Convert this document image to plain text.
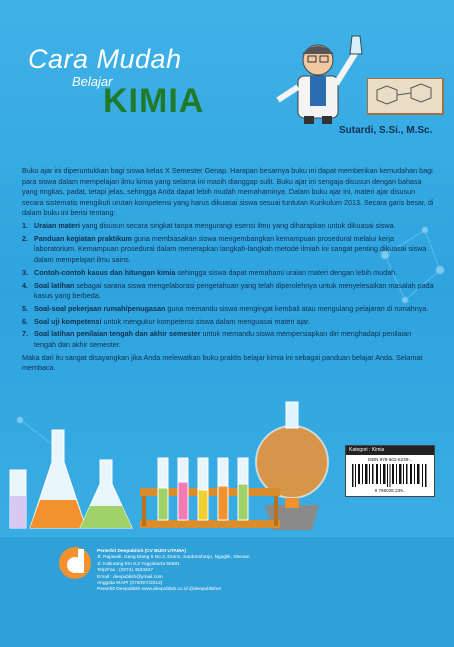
Cara Mudah
Belajar
KIMIA
Sutardi, S.Si., M.Sc.

Buku ajar ini diperuntukkan bagi siswa kelas X Semester Genap. Harapan besarnya buku ini dapat memberikan kemudahan bagi para siswa dalam mempelajari ilmu kimia yang selama ini masih dianggap sulit. Buku ajar ini sengaja disusun dengan bahasa yang ringkas, padat, tetapi jelas, sehingga Anda dapat lebih mudah memahaminya. Dalam buku ajar ini, materi ajar disusun secara sistematis mengikuti urutan kompetensi yang harus dikuasai siswa sesuai tuntutan Kurikulum 2013. Secara garis besar, di dalam buku ini berisi tentang:

1. Uraian materi yang disusun secara singkat tanpa mengurangi esensi ilmu yang diharapkan untuk dikuasai siswa.
2. Panduan kegiatan praktikum guna membiasakan siswa mengembangkan kemampuan prosedural melalui kerja laboratorium. Kemampuan prosedural dalam menerapkan langkah-langkah metode ilmiah ini sangat penting dikuasai siswa dalam mempelajari ilmu sains.
3. Contoh-contoh kasus dan hitungan kimia sehingga siswa dapat memahami uraian materi dengan lebih mudah.
4. Soal latihan sebagai sarana siswa mengelaborasi pengetahuan yang telah diperolehnya untuk menyelesaikan masalah pada kasus yang berbeda.
5. Soal-soal pekerjaan rumah/penugasan guna memandu siswa mengingat kembali atau mengulang pelajaran di rumahnya.
6. Soal uji kompetensi untuk mengukur kompetensi siswa dalam menguasai materi ajar.
7. Soal latihan penilaian tengah dan akhir semester untuk memandu siswa mempersiapkan diri menghadapi penilaian tengah dan akhir semester.

Maka dari itu sangat disayangkan jika Anda melewatkan buku praktis belajar kimia ini sebagai panduan belajar Anda. Selamat membaca.

Penerbit Deepublish (CV BUDI UTAMA)
Jl. Rajawali, Gang Elang 6 No.3, Drono, Sardonoharjo, Ngaglik, Sleman
Jl. Kaliurang Km 9,3 Yogyakarta 55581
Telp/Fax : (0274) 4533427
Email : deepublish@ymail.com
Anggota IKAPI (076/DIY/2012)
Penerbit Deepublish www.deepublish.co.id @deepublisher
Kategori : Kimia
ISBN 978-602-6239-..
9 786026 239..
